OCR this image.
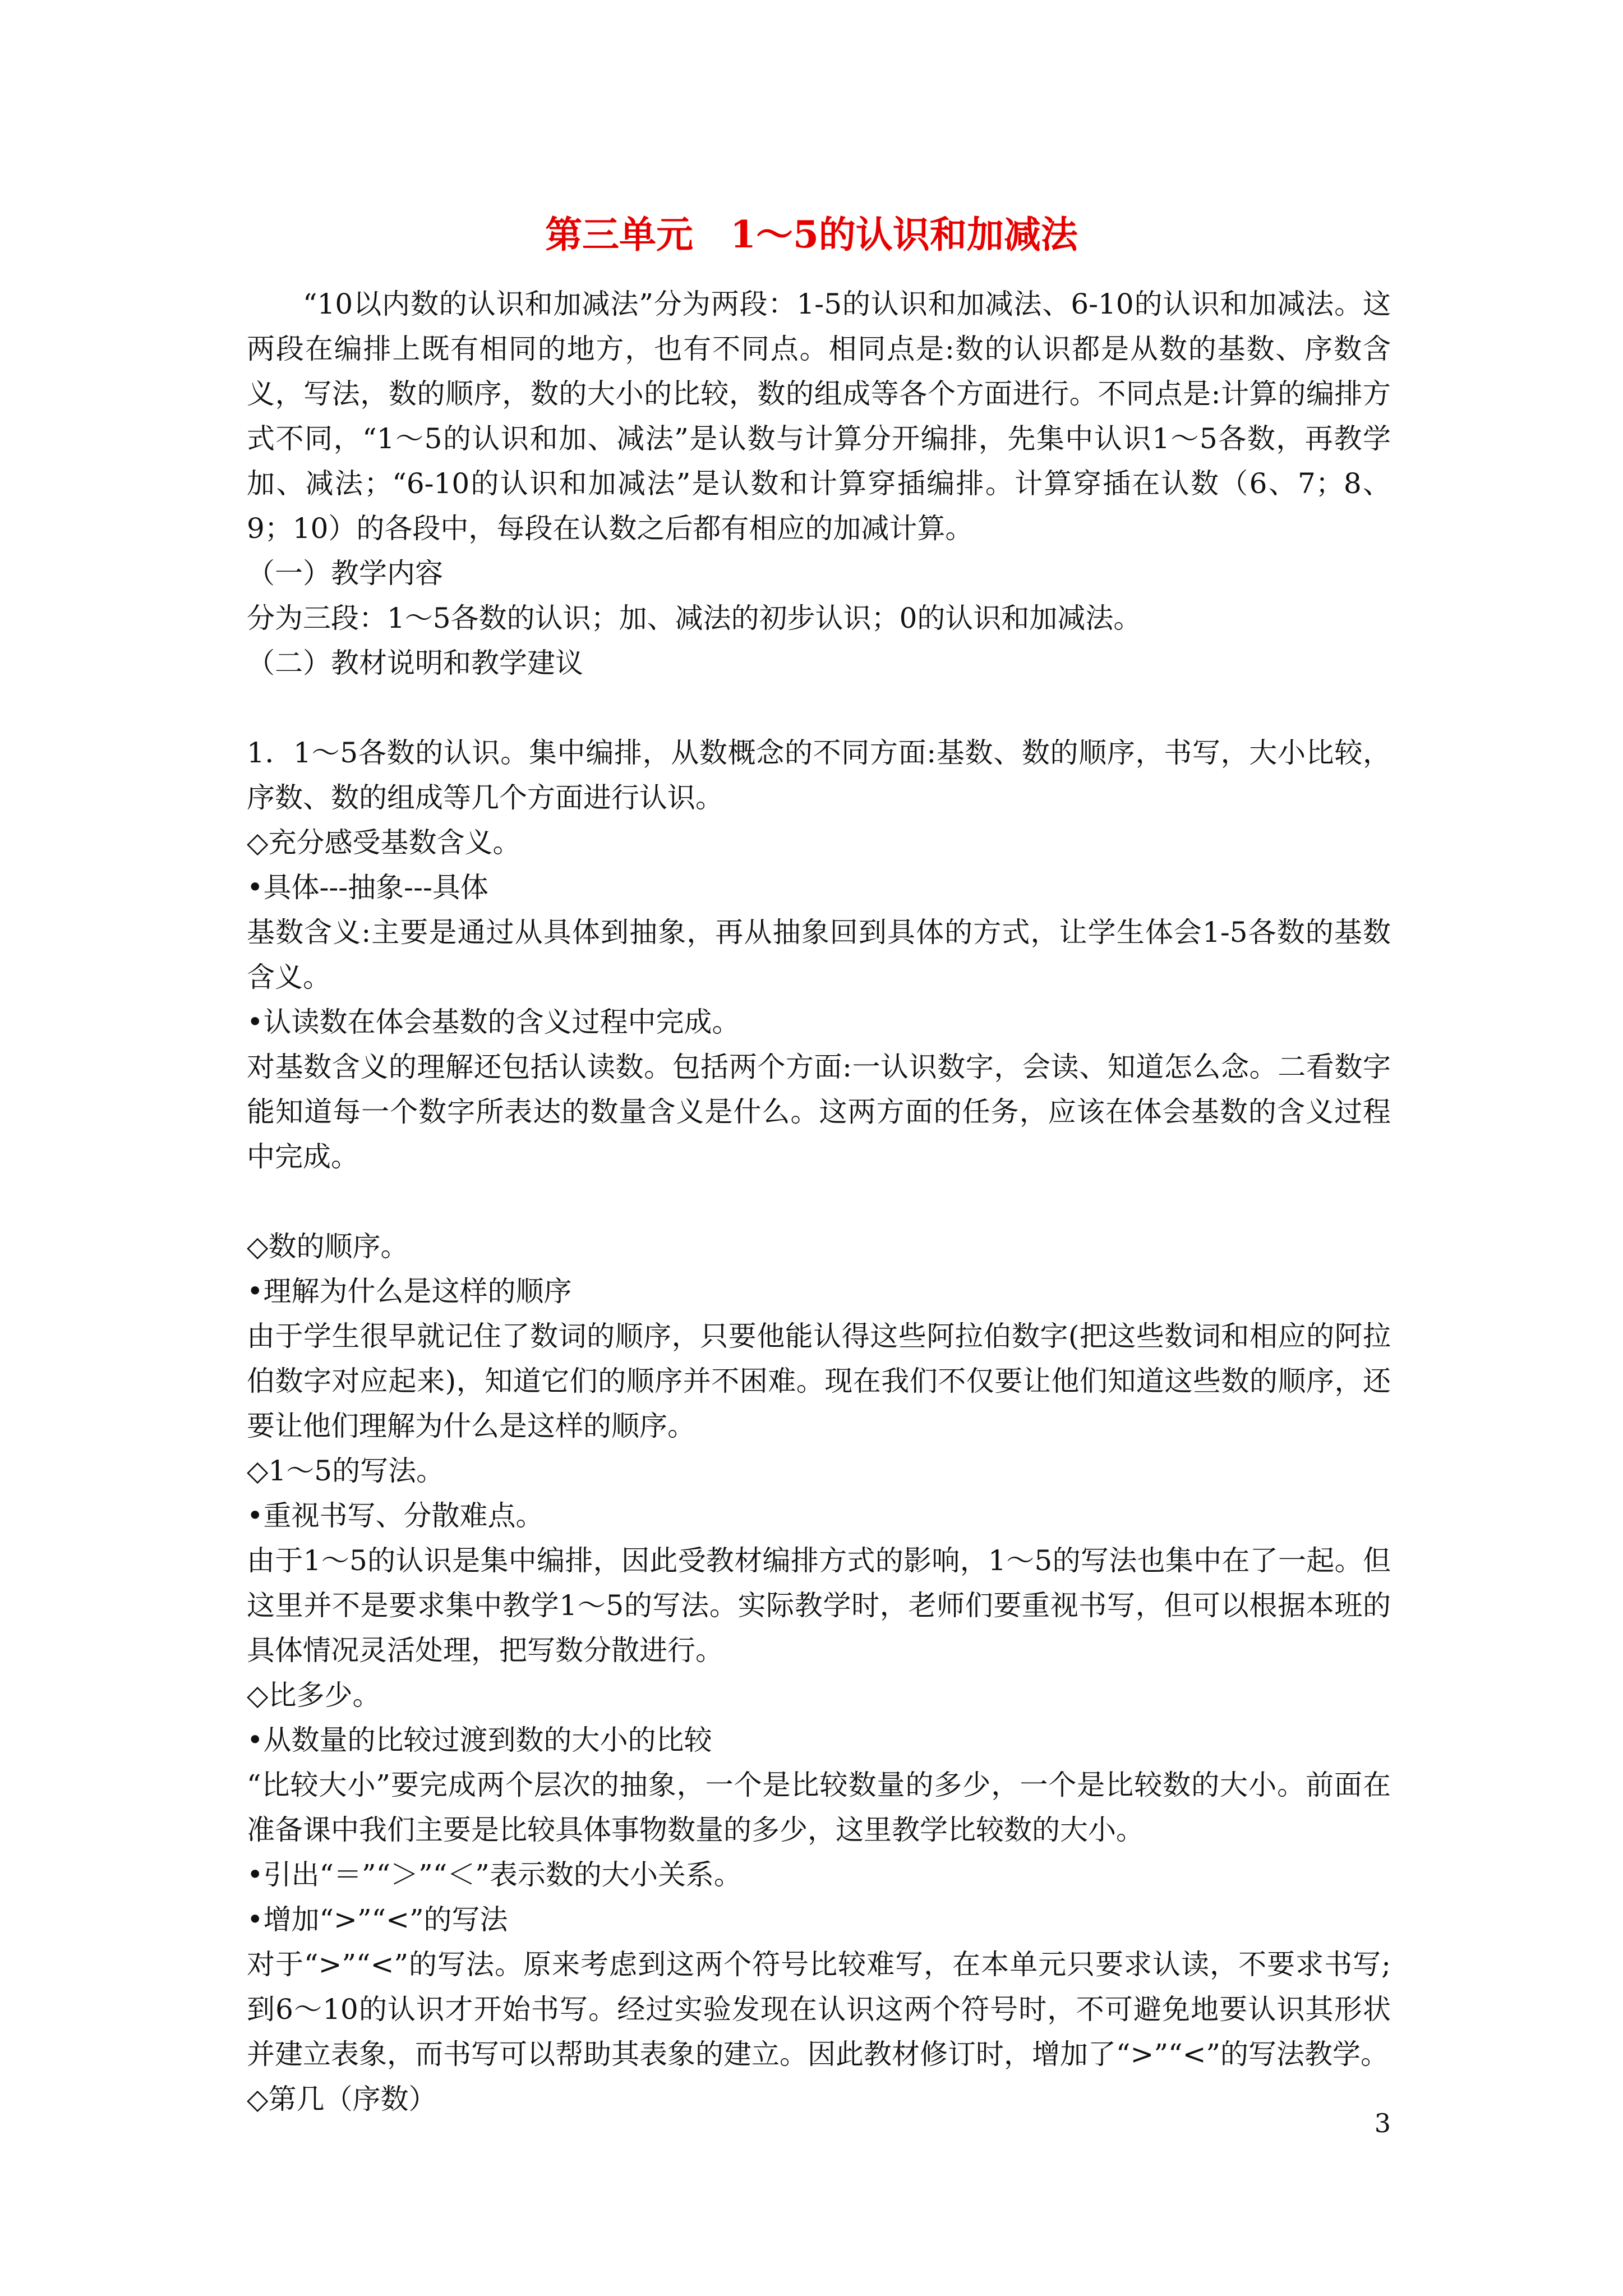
第三单元　1～5的认识和加减法

“10以内数的认识和加减法”分为两段：1-5的认识和加减法、6-10的认识和加减法。这两段在编排上既有相同的地方，也有不同点。相同点是:数的认识都是从数的基数、序数含义，写法，数的顺序，数的大小的比较，数的组成等各个方面进行。不同点是:计算的编排方式不同，“1～5的认识和加、减法”是认数与计算分开编排，先集中认识1～5各数，再教学加、减法；“6-10的认识和加减法”是认数和计算穿插编排。计算穿插在认数（6、7；8、9；10）的各段中，每段在认数之后都有相应的加减计算。

（一）教学内容

分为三段：1～5各数的认识；加、减法的初步认识；0的认识和加减法。

（二）教材说明和教学建议

1．1～5各数的认识。集中编排，从数概念的不同方面:基数、数的顺序，书写，大小比较，序数、数的组成等几个方面进行认识。

◇充分感受基数含义。

•具体---抽象---具体

基数含义:主要是通过从具体到抽象，再从抽象回到具体的方式，让学生体会1-5各数的基数含义。

•认读数在体会基数的含义过程中完成。

对基数含义的理解还包括认读数。包括两个方面:一认识数字，会读、知道怎么念。二看数字能知道每一个数字所表达的数量含义是什么。这两方面的任务，应该在体会基数的含义过程中完成。

◇数的顺序。

•理解为什么是这样的顺序

由于学生很早就记住了数词的顺序，只要他能认得这些阿拉伯数字(把这些数词和相应的阿拉伯数字对应起来)，知道它们的顺序并不困难。现在我们不仅要让他们知道这些数的顺序，还要让他们理解为什么是这样的顺序。

◇1～5的写法。

•重视书写、分散难点。

由于1～5的认识是集中编排，因此受教材编排方式的影响，1～5的写法也集中在了一起。但这里并不是要求集中教学1～5的写法。实际教学时，老师们要重视书写，但可以根据本班的具体情况灵活处理，把写数分散进行。

◇比多少。

•从数量的比较过渡到数的大小的比较

“比较大小”要完成两个层次的抽象，一个是比较数量的多少，一个是比较数的大小。前面在准备课中我们主要是比较具体事物数量的多少，这里教学比较数的大小。

•引出“＝”“＞”“＜”表示数的大小关系。

•增加“>”“<”的写法

对于“>”“<”的写法。原来考虑到这两个符号比较难写，在本单元只要求认读，不要求书写;到6～10的认识才开始书写。经过实验发现在认识这两个符号时，不可避免地要认识其形状并建立表象，而书写可以帮助其表象的建立。因此教材修订时，增加了“>”“<”的写法教学。

◇第几（序数）

3
